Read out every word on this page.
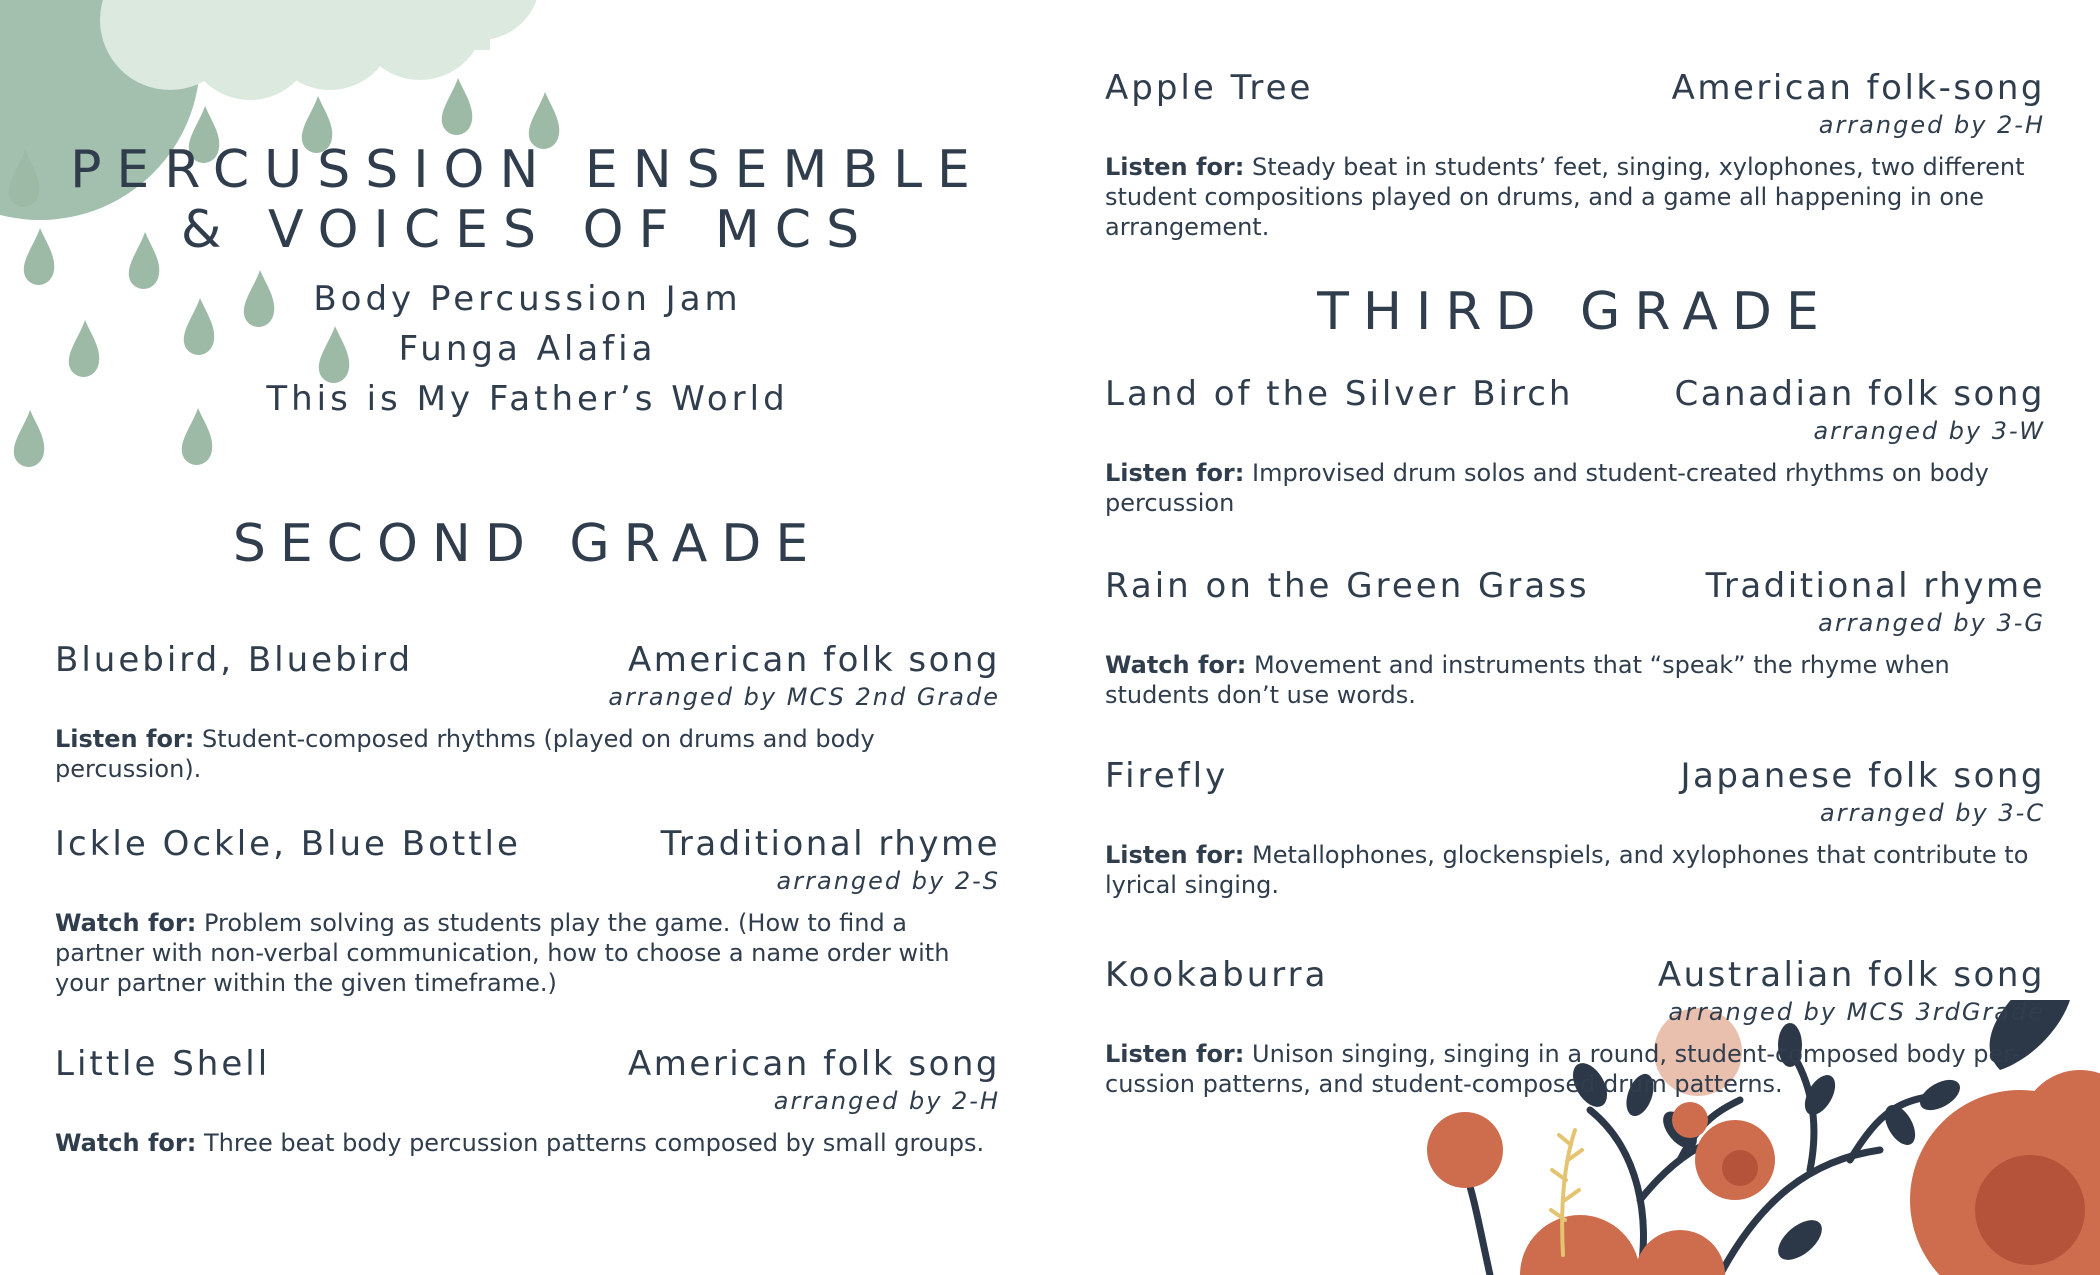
PERCUSSION ENSEMBLE
& VOICES OF MCS
Body Percussion Jam
Funga Alafia
This is My Father’s World
SECOND GRADE
Bluebird, Bluebird	American folk song
arranged by MCS 2nd Grade
Listen for: Student-composed rhythms (played on drums and body percussion).
Ickle Ockle, Blue Bottle	Traditional rhyme
arranged by 2-S
Watch for: Problem solving as students play the game. (How to find a partner with non-verbal communication, how to choose a name order with your partner within the given timeframe.)
Little Shell	American folk song
arranged by 2-H
Watch for: Three beat body percussion patterns composed by small groups.
Apple Tree	American folk-song
arranged by 2-H
Listen for: Steady beat in students’ feet, singing, xylophones, two different student compositions played on drums, and a game all happening in one arrangement.
THIRD GRADE
Land of the Silver Birch	Canadian folk song
arranged by 3-W
Listen for: Improvised drum solos and student-created rhythms on body percussion
Rain on the Green Grass	Traditional rhyme
arranged by 3-G
Watch for: Movement and instruments that “speak” the rhyme when students don’t use words.
Firefly	Japanese folk song
arranged by 3-C
Listen for: Metallophones, glockenspiels, and xylophones that contribute to lyrical singing.
Kookaburra	Australian folk song
arranged by MCS 3rdGrade
Listen for: Unison singing, singing in a round, student-composed body per-cussion patterns, and student-composed drum patterns.
